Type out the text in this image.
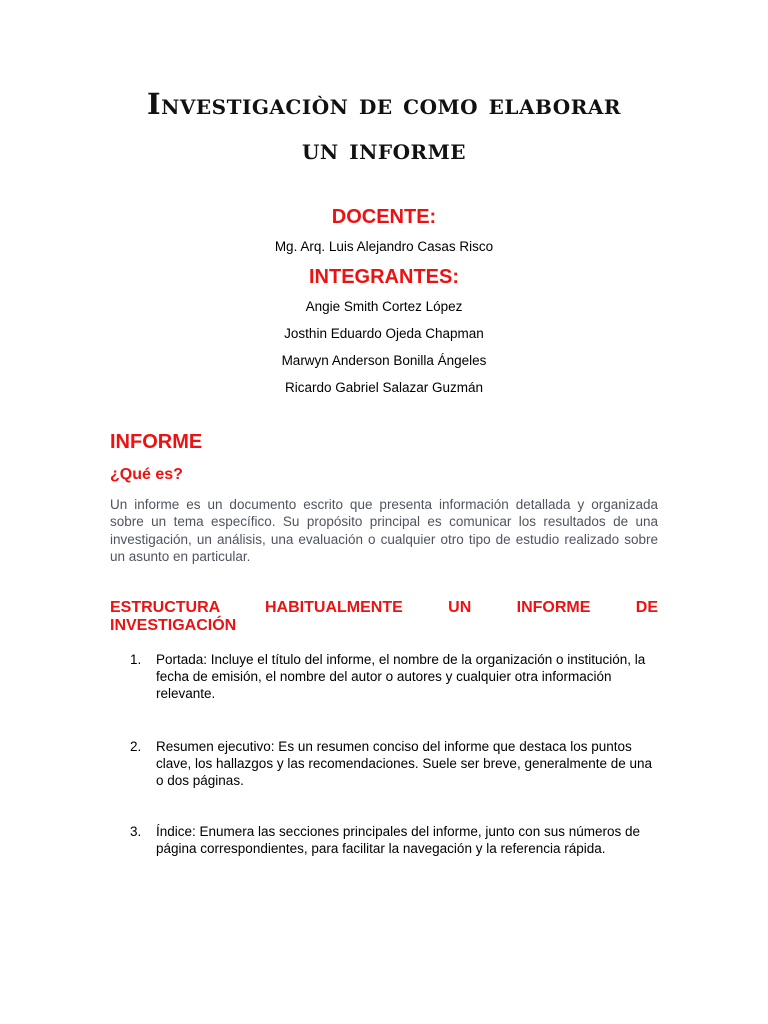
Investigaciòn de como elaborar
un informe

DOCENTE:

Mg. Arq. Luis Alejandro Casas Risco

INTEGRANTES:

Angie Smith Cortez López

Josthin Eduardo Ojeda Chapman

Marwyn Anderson Bonilla Ángeles

Ricardo Gabriel Salazar Guzmán

INFORME

¿Qué es?

Un informe es un documento escrito que presenta información detallada y organizada sobre un tema específico. Su propósito principal es comunicar los resultados de una investigación, un análisis, una evaluación o cualquier otro tipo de estudio realizado sobre un asunto en particular.

ESTRUCTURA HABITUALMENTE UN INFORME DE
INVESTIGACIÓN

1.	Portada: Incluye el título del informe, el nombre de la organización o institución, la fecha de emisión, el nombre del autor o autores y cualquier otra información relevante.
2.	Resumen ejecutivo: Es un resumen conciso del informe que destaca los puntos clave, los hallazgos y las recomendaciones. Suele ser breve, generalmente de una o dos páginas.
3.	Índice: Enumera las secciones principales del informe, junto con sus números de página correspondientes, para facilitar la navegación y la referencia rápida.
